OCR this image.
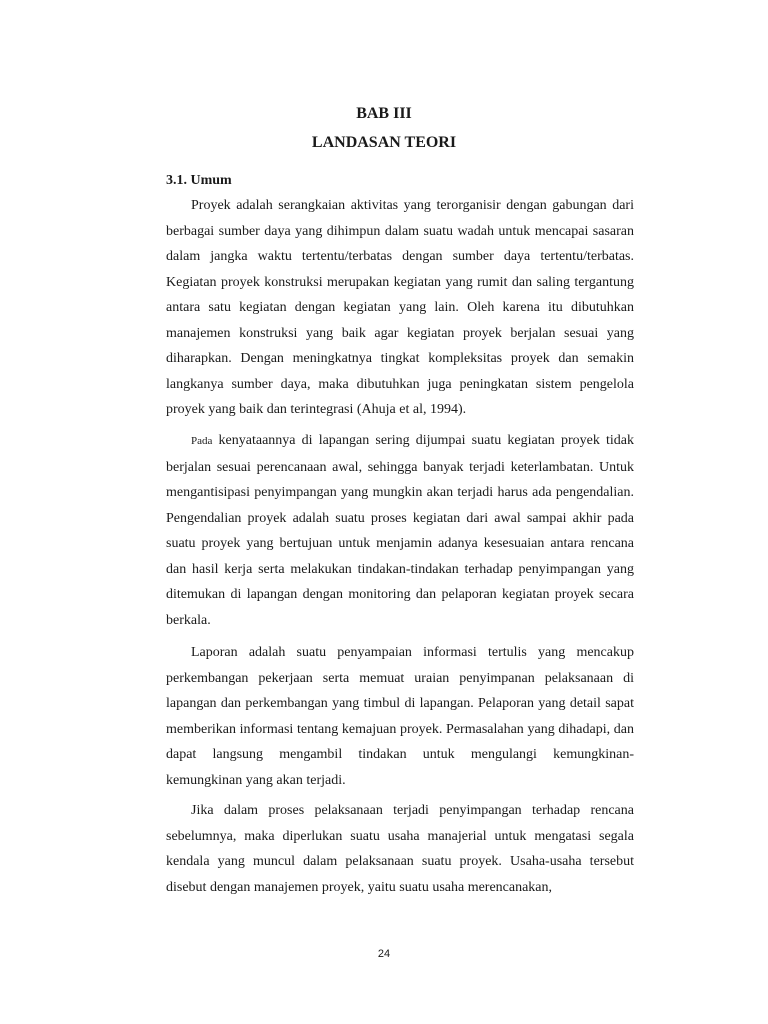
BAB III
LANDASAN TEORI
3.1. Umum

Proyek adalah serangkaian aktivitas yang terorganisir dengan gabungan dari berbagai sumber daya yang dihimpun dalam suatu wadah untuk mencapai sasaran dalam jangka waktu tertentu/terbatas dengan sumber daya tertentu/terbatas. Kegiatan proyek konstruksi merupakan kegiatan yang rumit dan saling tergantung antara satu kegiatan dengan kegiatan yang lain. Oleh karena itu dibutuhkan manajemen konstruksi yang baik agar kegiatan proyek berjalan sesuai yang diharapkan. Dengan meningkatnya tingkat kompleksitas proyek dan semakin langkanya sumber daya, maka dibutuhkan juga peningkatan sistem pengelola proyek yang baik dan terintegrasi (Ahuja et al, 1994).

Pada kenyataannya di lapangan sering dijumpai suatu kegiatan proyek tidak berjalan sesuai perencanaan awal, sehingga banyak terjadi keterlambatan. Untuk mengantisipasi penyimpangan yang mungkin akan terjadi harus ada pengendalian. Pengendalian proyek adalah suatu proses kegiatan dari awal sampai akhir pada suatu proyek yang bertujuan untuk menjamin adanya kesesuaian antara rencana dan hasil kerja serta melakukan tindakan-tindakan terhadap penyimpangan yang ditemukan di lapangan dengan monitoring dan pelaporan kegiatan proyek secara berkala.

Laporan adalah suatu penyampaian informasi tertulis yang mencakup perkembangan pekerjaan serta memuat uraian penyimpanan pelaksanaan di lapangan dan perkembangan yang timbul di lapangan. Pelaporan yang detail sapat memberikan informasi tentang kemajuan proyek. Permasalahan yang dihadapi, dan dapat langsung mengambil tindakan untuk mengulangi kemungkinan-kemungkinan yang akan terjadi.

Jika dalam proses pelaksanaan terjadi penyimpangan terhadap rencana sebelumnya, maka diperlukan suatu usaha manajerial untuk mengatasi segala kendala yang muncul dalam pelaksanaan suatu proyek. Usaha-usaha tersebut disebut dengan manajemen proyek, yaitu suatu usaha merencanakan,

24
